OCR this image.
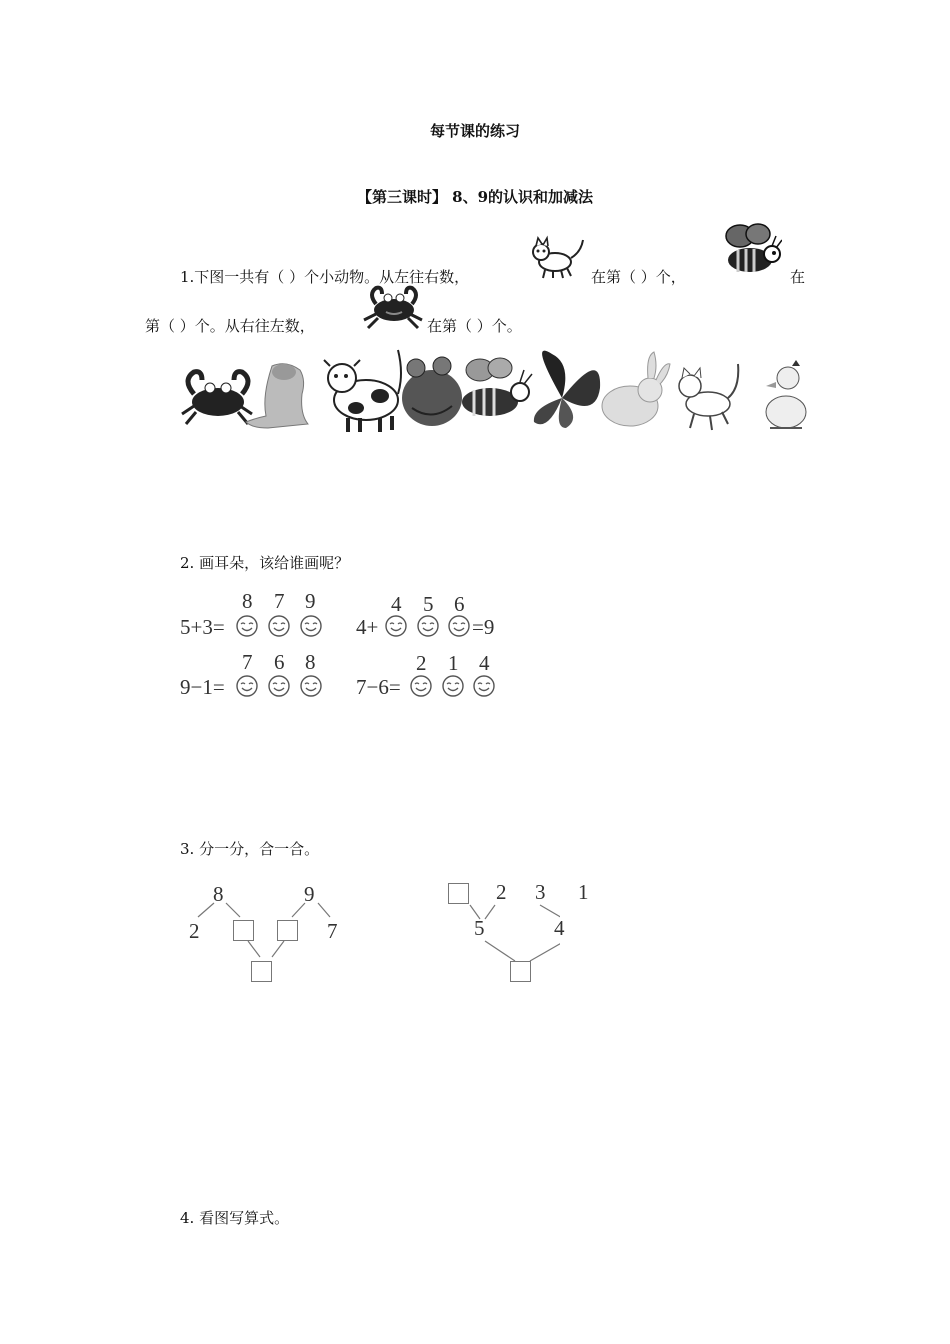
每节课的练习
【第三课时】 8、9的认识和加减法
1.下图一共有（ ）个小动物。从左往右数，	在第（ ）个，	在
第（ ）个。从右往左数，	在第（ ）个。
2. 画耳朵，该给谁画呢？
5+3=
8 7 9
4+
4 5 6
=9
9−1=
7 6 8
7−6=
2 1 4
3. 分一分，合一合。
8	9
2	7
2 3 1
5	4
4. 看图写算式。
